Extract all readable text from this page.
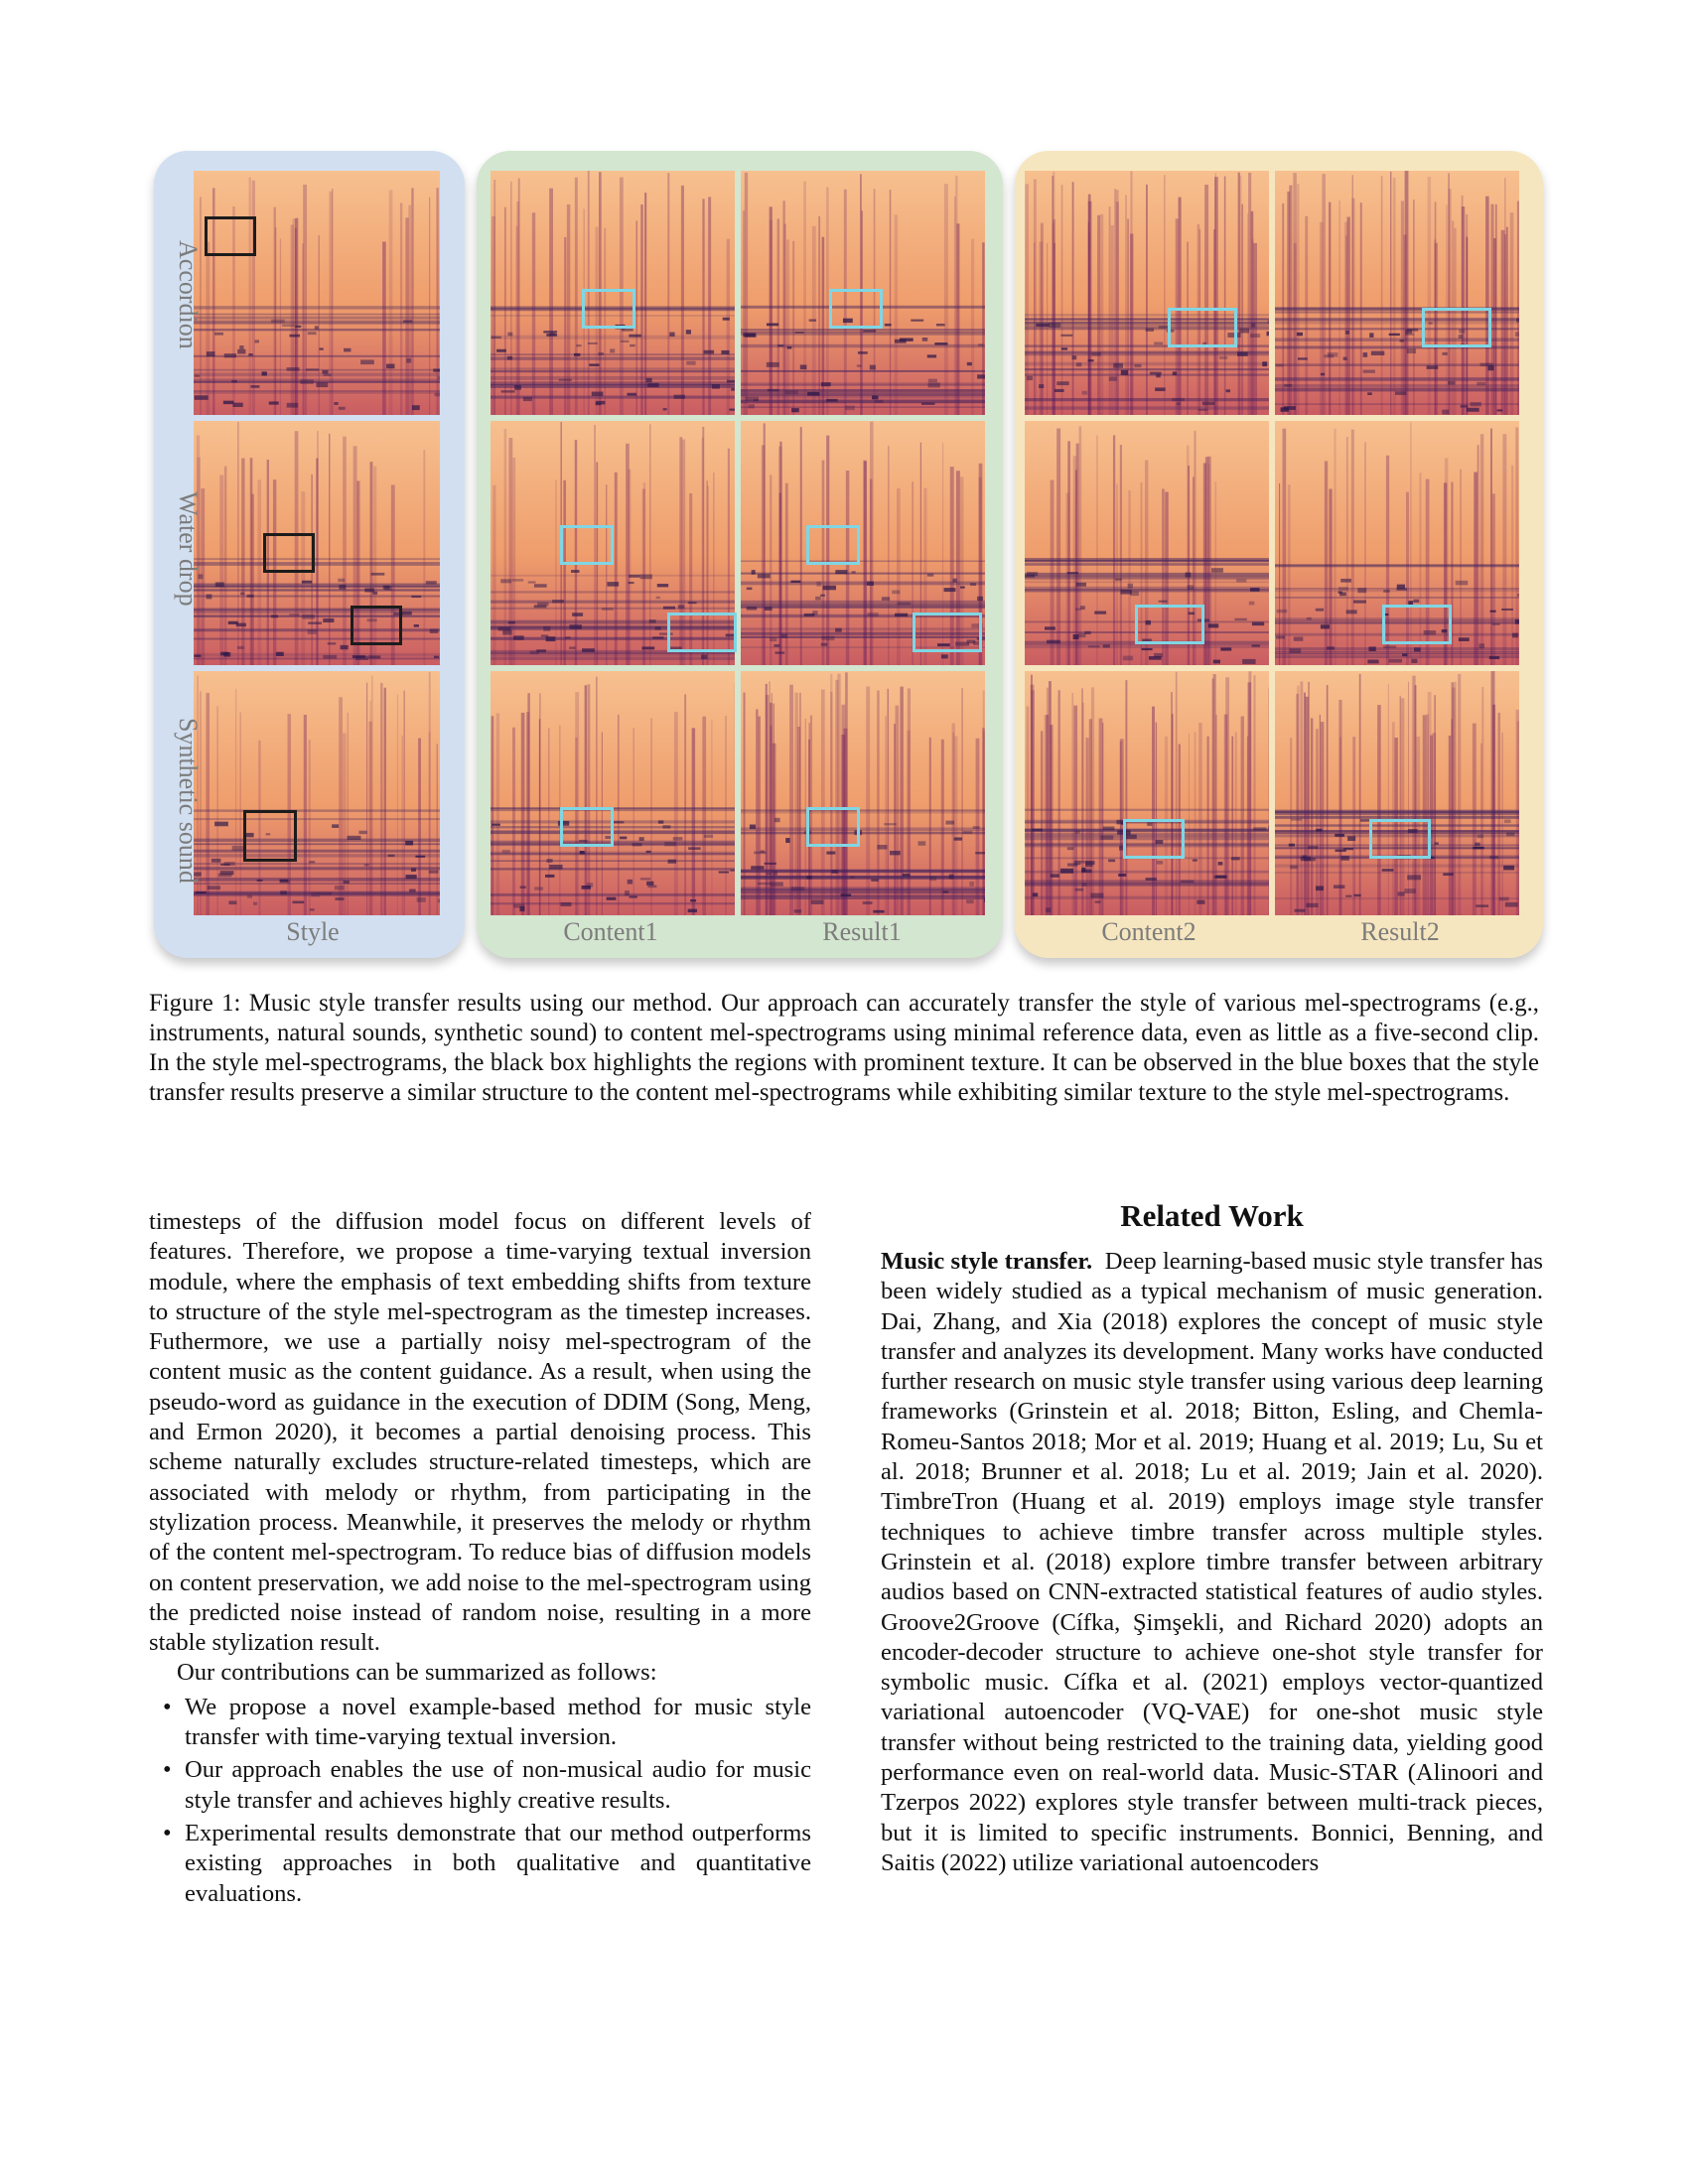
Accordion
Water drop
Synthetic sound
Style	Content1	Result1	Content2	Result2
Figure 1: Music style transfer results using our method. Our approach can accurately transfer the style of various mel-spectrograms (e.g., instruments, natural sounds, synthetic sound) to content mel-spectrograms using minimal reference data, even as little as a five-second clip. In the style mel-spectrograms, the black box highlights the regions with prominent texture. It can be observed in the blue boxes that the style transfer results preserve a similar structure to the content mel-spectrograms while exhibiting similar texture to the style mel-spectrograms.

timesteps of the diffusion model focus on different levels of features. Therefore, we propose a time-varying textual inversion module, where the emphasis of text embedding shifts from texture to structure of the style mel-spectrogram as the timestep increases. Futhermore, we use a partially noisy mel-spectrogram of the content music as the content guidance. As a result, when using the pseudo-word as guidance in the execution of DDIM (Song, Meng, and Ermon 2020), it becomes a partial denoising process. This scheme naturally excludes structure-related timesteps, which are associated with melody or rhythm, from participating in the stylization process. Meanwhile, it preserves the melody or rhythm of the content mel-spectrogram. To reduce bias of diffusion models on content preservation, we add noise to the mel-spectrogram using the predicted noise instead of random noise, resulting in a more stable stylization result.

Our contributions can be summarized as follows:

• We propose a novel example-based method for music style transfer with time-varying textual inversion.
• Our approach enables the use of non-musical audio for music style transfer and achieves highly creative results.
• Experimental results demonstrate that our method outperforms existing approaches in both qualitative and quantitative evaluations.
Related Work

Music style transfer. Deep learning-based music style transfer has been widely studied as a typical mechanism of music generation. Dai, Zhang, and Xia (2018) explores the concept of music style transfer and analyzes its development. Many works have conducted further research on music style transfer using various deep learning frameworks (Grinstein et al. 2018; Bitton, Esling, and Chemla-Romeu-Santos 2018; Mor et al. 2019; Huang et al. 2019; Lu, Su et al. 2018; Brunner et al. 2018; Lu et al. 2019; Jain et al. 2020). TimbreTron (Huang et al. 2019) employs image style transfer techniques to achieve timbre transfer across multiple styles. Grinstein et al. (2018) explore timbre transfer between arbitrary audios based on CNN-extracted statistical features of audio styles. Groove2Groove (Cífka, Şimşekli, and Richard 2020) adopts an encoder-decoder structure to achieve one-shot style transfer for symbolic music. Cífka et al. (2021) employs vector-quantized variational autoencoder (VQ-VAE) for one-shot music style transfer without being restricted to the training data, yielding good performance even on real-world data. Music-STAR (Alinoori and Tzerpos 2022) explores style transfer between multi-track pieces, but it is limited to specific instruments. Bonnici, Benning, and Saitis (2022) utilize variational autoencoders
